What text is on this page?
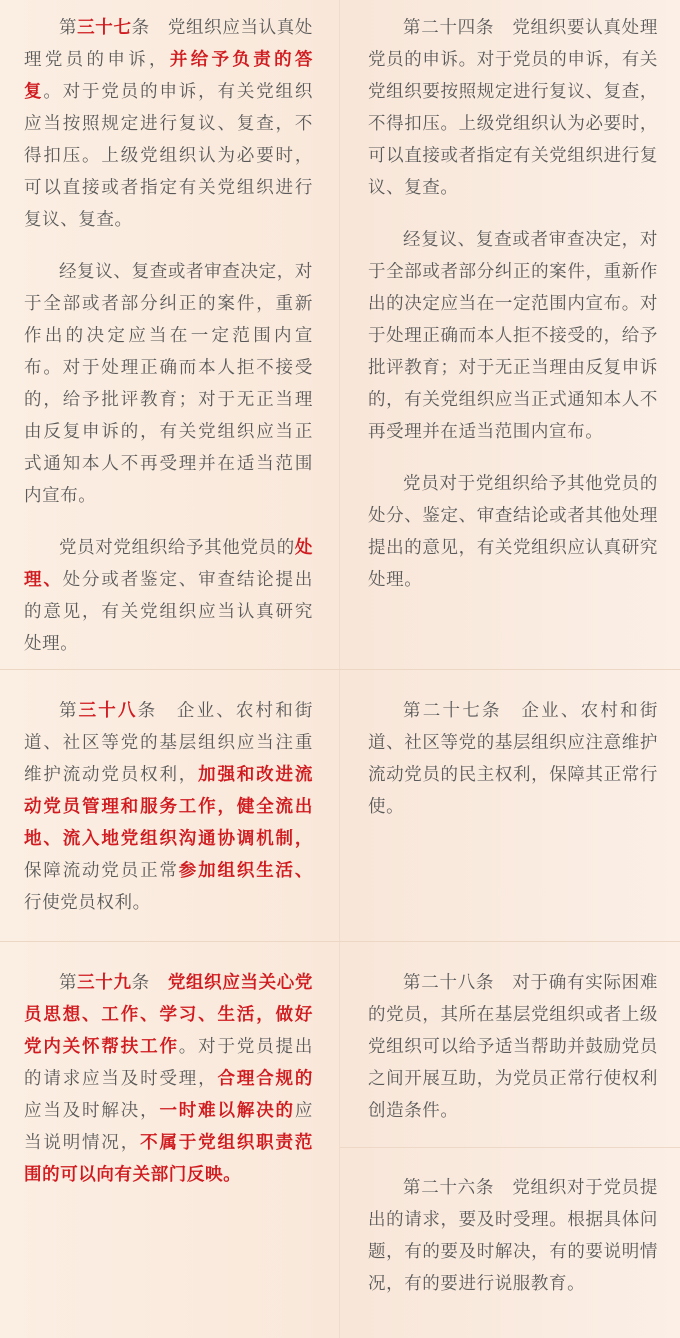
第三十七条　党组织应当认真处理党员的申诉，并给予负责的答复。对于党员的申诉，有关党组织应当按照规定进行复议、复查，不得扣压。上级党组织认为必要时，可以直接或者指定有关党组织进行复议、复查。

经复议、复查或者审查决定，对于全部或者部分纠正的案件，重新作出的决定应当在一定范围内宣布。对于处理正确而本人拒不接受的，给予批评教育；对于无正当理由反复申诉的，有关党组织应当正式通知本人不再受理并在适当范围内宣布。

党员对党组织给予其他党员的处理、处分或者鉴定、审查结论提出的意见，有关党组织应当认真研究处理。

第二十四条　党组织要认真处理党员的申诉。对于党员的申诉，有关党组织要按照规定进行复议、复查，不得扣压。上级党组织认为必要时，可以直接或者指定有关党组织进行复议、复查。

经复议、复查或者审查决定，对于全部或者部分纠正的案件，重新作出的决定应当在一定范围内宣布。对于处理正确而本人拒不接受的，给予批评教育；对于无正当理由反复申诉的，有关党组织应当正式通知本人不再受理并在适当范围内宣布。

党员对于党组织给予其他党员的处分、鉴定、审查结论或者其他处理提出的意见，有关党组织应认真研究处理。

第三十八条　企业、农村和街道、社区等党的基层组织应当注重维护流动党员权利，加强和改进流动党员管理和服务工作，健全流出地、流入地党组织沟通协调机制，保障流动党员正常参加组织生活、行使党员权利。

第二十七条　企业、农村和街道、社区等党的基层组织应注意维护流动党员的民主权利，保障其正常行使。

第三十九条　党组织应当关心党员思想、工作、学习、生活，做好党内关怀帮扶工作。对于党员提出的请求应当及时受理，合理合规的应当及时解决，一时难以解决的应当说明情况，不属于党组织职责范围的可以向有关部门反映。

第二十八条　对于确有实际困难的党员，其所在基层党组织或者上级党组织可以给予适当帮助并鼓励党员之间开展互助，为党员正常行使权利创造条件。

第二十六条　党组织对于党员提出的请求，要及时受理。根据具体问题，有的要及时解决，有的要说明情况，有的要进行说服教育。
